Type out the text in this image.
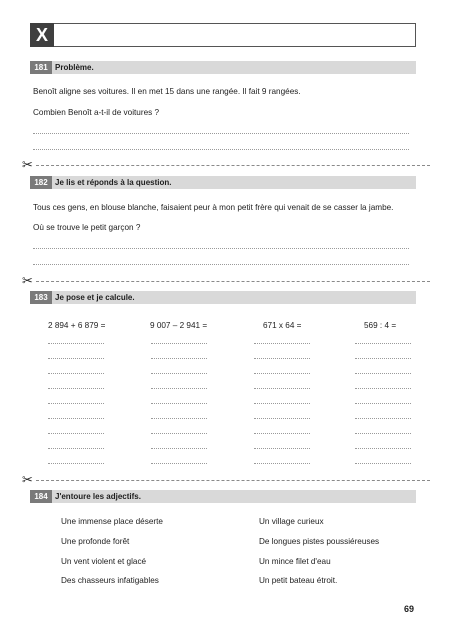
X
181 Problème.
Benoît aligne ses voitures. Il en met 15 dans une rangée. Il fait 9 rangées.
Combien Benoît a-t-il de voitures ?
✂
182 Je lis et réponds à la question.
Tous ces gens, en blouse blanche, faisaient peur à mon petit frère qui venait de se casser la jambe.
Où se trouve le petit garçon ?
✂
183 Je pose et je calcule.
2 894 + 6 879 =	9 007 – 2 941 =	671 x 64 =	569 : 4 =
✂
184 J'entoure les adjectifs.
Une immense place déserte
Une profonde forêt
Un vent violent et glacé
Des chasseurs infatigables
Un village curieux
De longues pistes poussiéreuses
Un mince filet d'eau
Un petit bateau étroit.
69
